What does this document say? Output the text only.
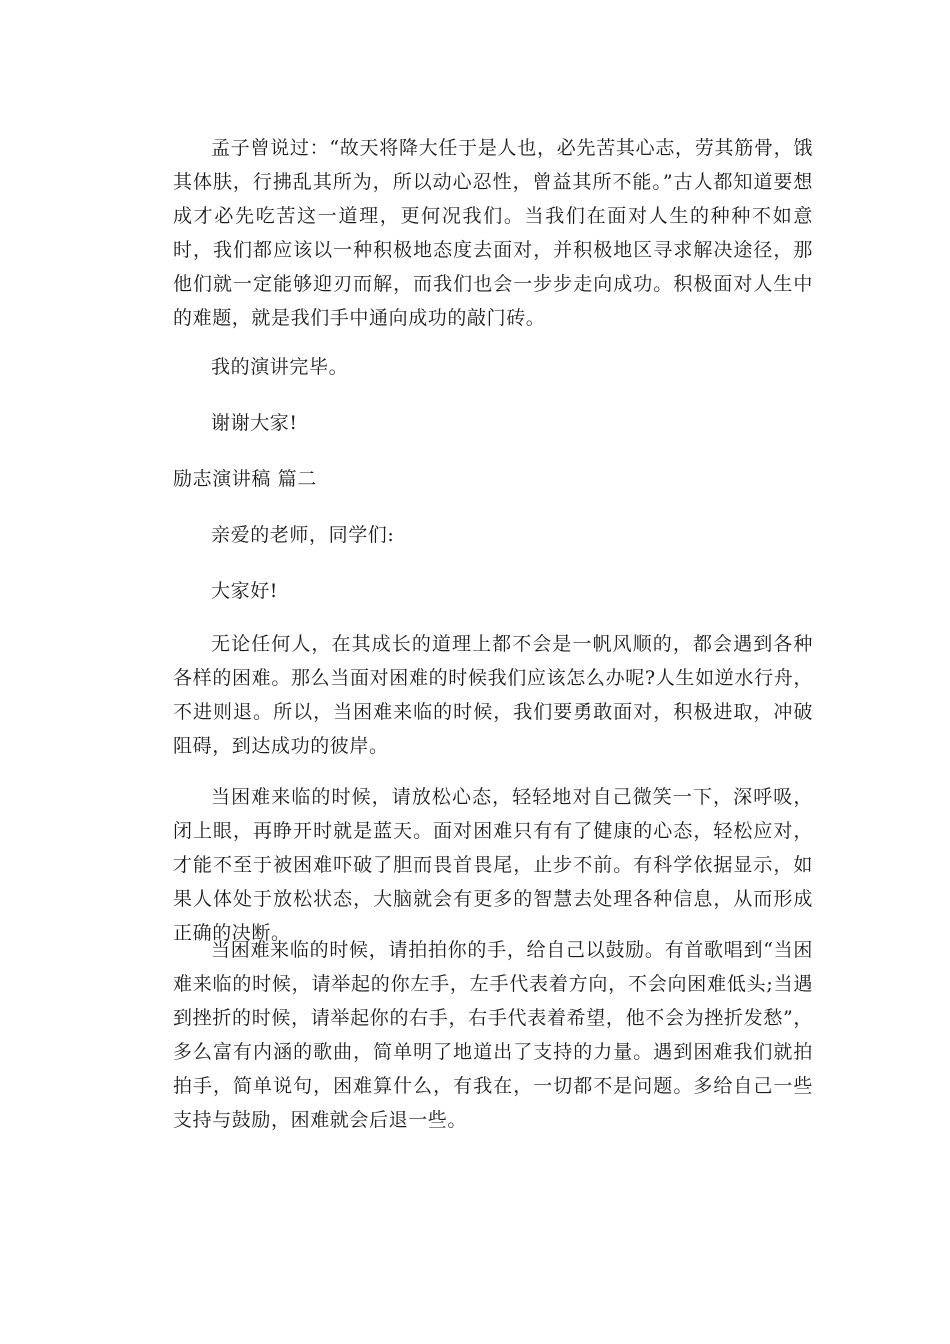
孟子曾说过：“故天将降大任于是人也，必先苦其心志，劳其筋骨，饿其体肤，行拂乱其所为，所以动心忍性，曾益其所不能。”古人都知道要想成才必先吃苦这一道理，更何况我们。当我们在面对人生的种种不如意时，我们都应该以一种积极地态度去面对，并积极地区寻求解决途径，那他们就一定能够迎刃而解，而我们也会一步步走向成功。积极面对人生中的难题，就是我们手中通向成功的敲门砖。

我的演讲完毕。

谢谢大家!

励志演讲稿 篇二

亲爱的老师，同学们:

大家好!

无论任何人，在其成长的道理上都不会是一帆风顺的，都会遇到各种各样的困难。那么当面对困难的时候我们应该怎么办呢?人生如逆水行舟，不进则退。所以，当困难来临的时候，我们要勇敢面对，积极进取，冲破阻碍，到达成功的彼岸。

当困难来临的时候，请放松心态，轻轻地对自己微笑一下，深呼吸，闭上眼，再睁开时就是蓝天。面对困难只有有了健康的心态，轻松应对，才能不至于被困难吓破了胆而畏首畏尾，止步不前。有科学依据显示，如果人体处于放松状态，大脑就会有更多的智慧去处理各种信息，从而形成正确的决断。

当困难来临的时候，请拍拍你的手，给自己以鼓励。有首歌唱到“当困难来临的时候，请举起的你左手，左手代表着方向，不会向困难低头;当遇到挫折的时候，请举起你的右手，右手代表着希望，他不会为挫折发愁”，多么富有内涵的歌曲，简单明了地道出了支持的力量。遇到困难我们就拍拍手，简单说句，困难算什么，有我在，一切都不是问题。多给自己一些支持与鼓励，困难就会后退一些。
